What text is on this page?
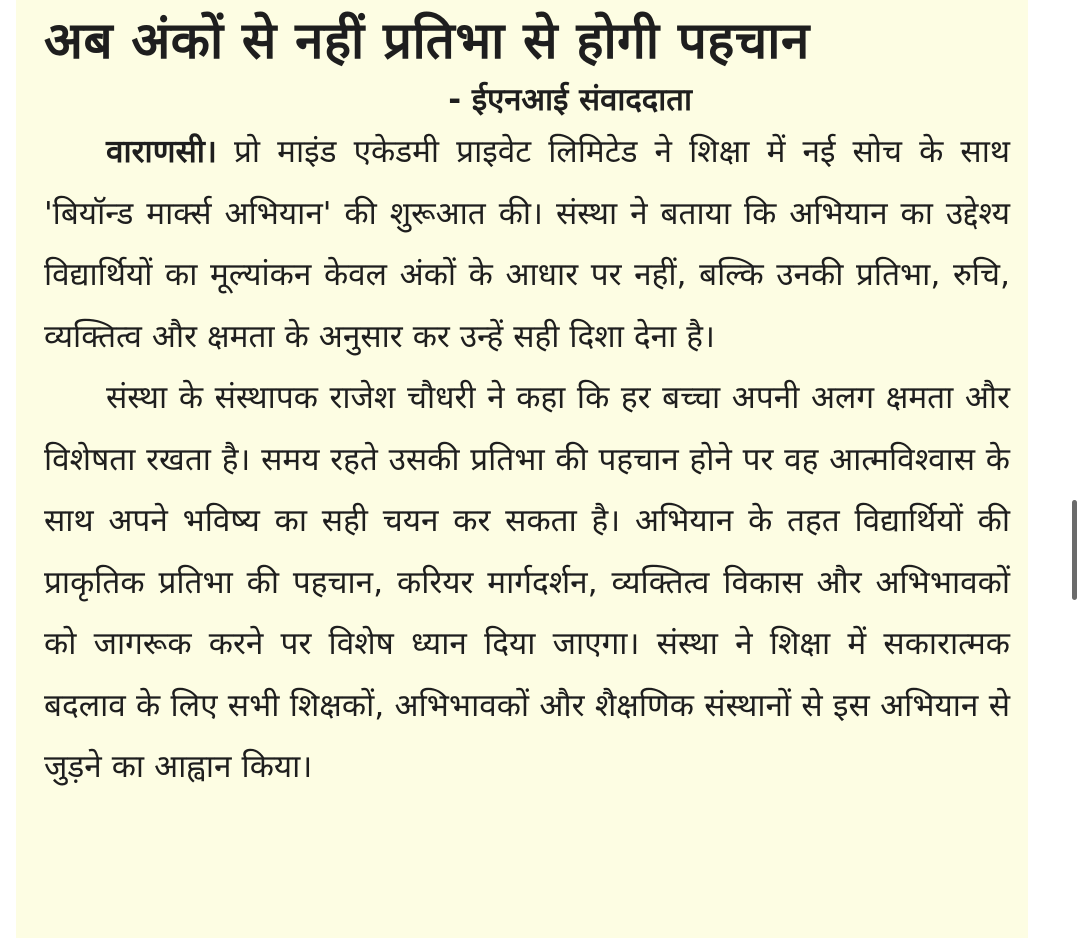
अब अंकों से नहीं प्रतिभा से होगी पहचान
- ईएनआई संवाददाता

वाराणसी। प्रो माइंड एकेडमी प्राइवेट लिमिटेड ने शिक्षा में नई सोच के साथ 'बियॉन्ड मार्क्स अभियान' की शुरूआत की। संस्था ने बताया कि अभियान का उद्देश्य विद्यार्थियों का मूल्यांकन केवल अंकों के आधार पर नहीं, बल्कि उनकी प्रतिभा, रुचि, व्यक्तित्व और क्षमता के अनुसार कर उन्हें सही दिशा देना है।

संस्था के संस्थापक राजेश चौधरी ने कहा कि हर बच्चा अपनी अलग क्षमता और विशेषता रखता है। समय रहते उसकी प्रतिभा की पहचान होने पर वह आत्मविश्वास के साथ अपने भविष्य का सही चयन कर सकता है। अभियान के तहत विद्यार्थियों की प्राकृतिक प्रतिभा की पहचान, करियर मार्गदर्शन, व्यक्तित्व विकास और अभिभावकों को जागरूक करने पर विशेष ध्यान दिया जाएगा। संस्था ने शिक्षा में सकारात्मक बदलाव के लिए सभी शिक्षकों, अभिभावकों और शैक्षणिक संस्थानों से इस अभियान से जुड़ने का आह्वान किया।
